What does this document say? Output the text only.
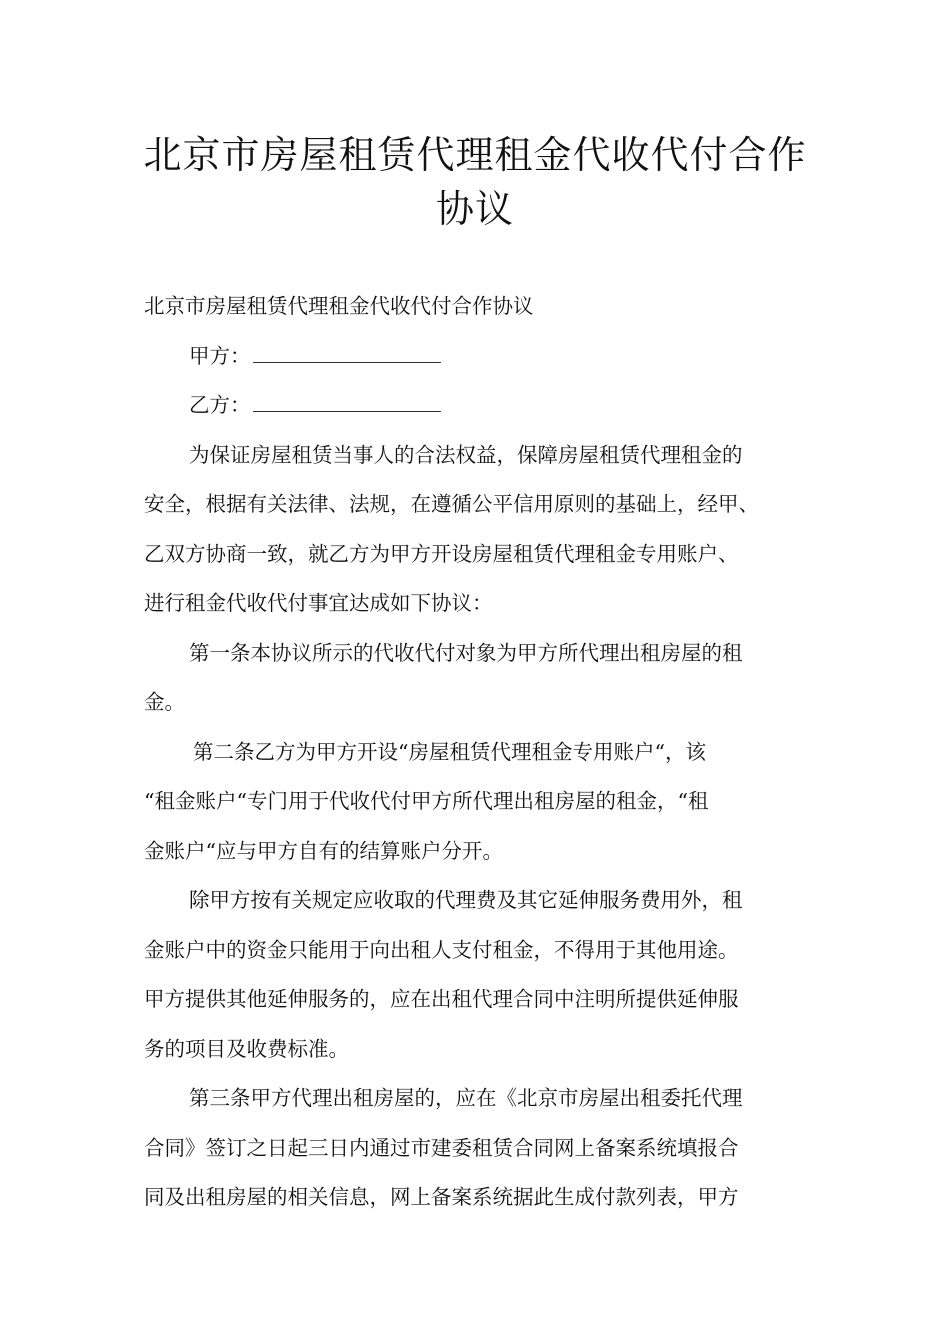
北京市房屋租赁代理租金代收代付合作
协议
北京市房屋租赁代理租金代收代付合作协议
甲方：
乙方：
为保证房屋租赁当事人的合法权益，保障房屋租赁代理租金的
安全，根据有关法律、法规，在遵循公平信用原则的基础上，经甲、
乙双方协商一致，就乙方为甲方开设房屋租赁代理租金专用账户、
进行租金代收代付事宜达成如下协议：
第一条本协议所示的代收代付对象为甲方所代理出租房屋的租
金。
第二条乙方为甲方开设“房屋租赁代理租金专用账户“，该
“租金账户“专门用于代收代付甲方所代理出租房屋的租金，“租
金账户“应与甲方自有的结算账户分开。
除甲方按有关规定应收取的代理费及其它延伸服务费用外，租
金账户中的资金只能用于向出租人支付租金，不得用于其他用途。
甲方提供其他延伸服务的，应在出租代理合同中注明所提供延伸服
务的项目及收费标准。
第三条甲方代理出租房屋的，应在《北京市房屋出租委托代理
合同》签订之日起三日内通过市建委租赁合同网上备案系统填报合
同及出租房屋的相关信息，网上备案系统据此生成付款列表，甲方
